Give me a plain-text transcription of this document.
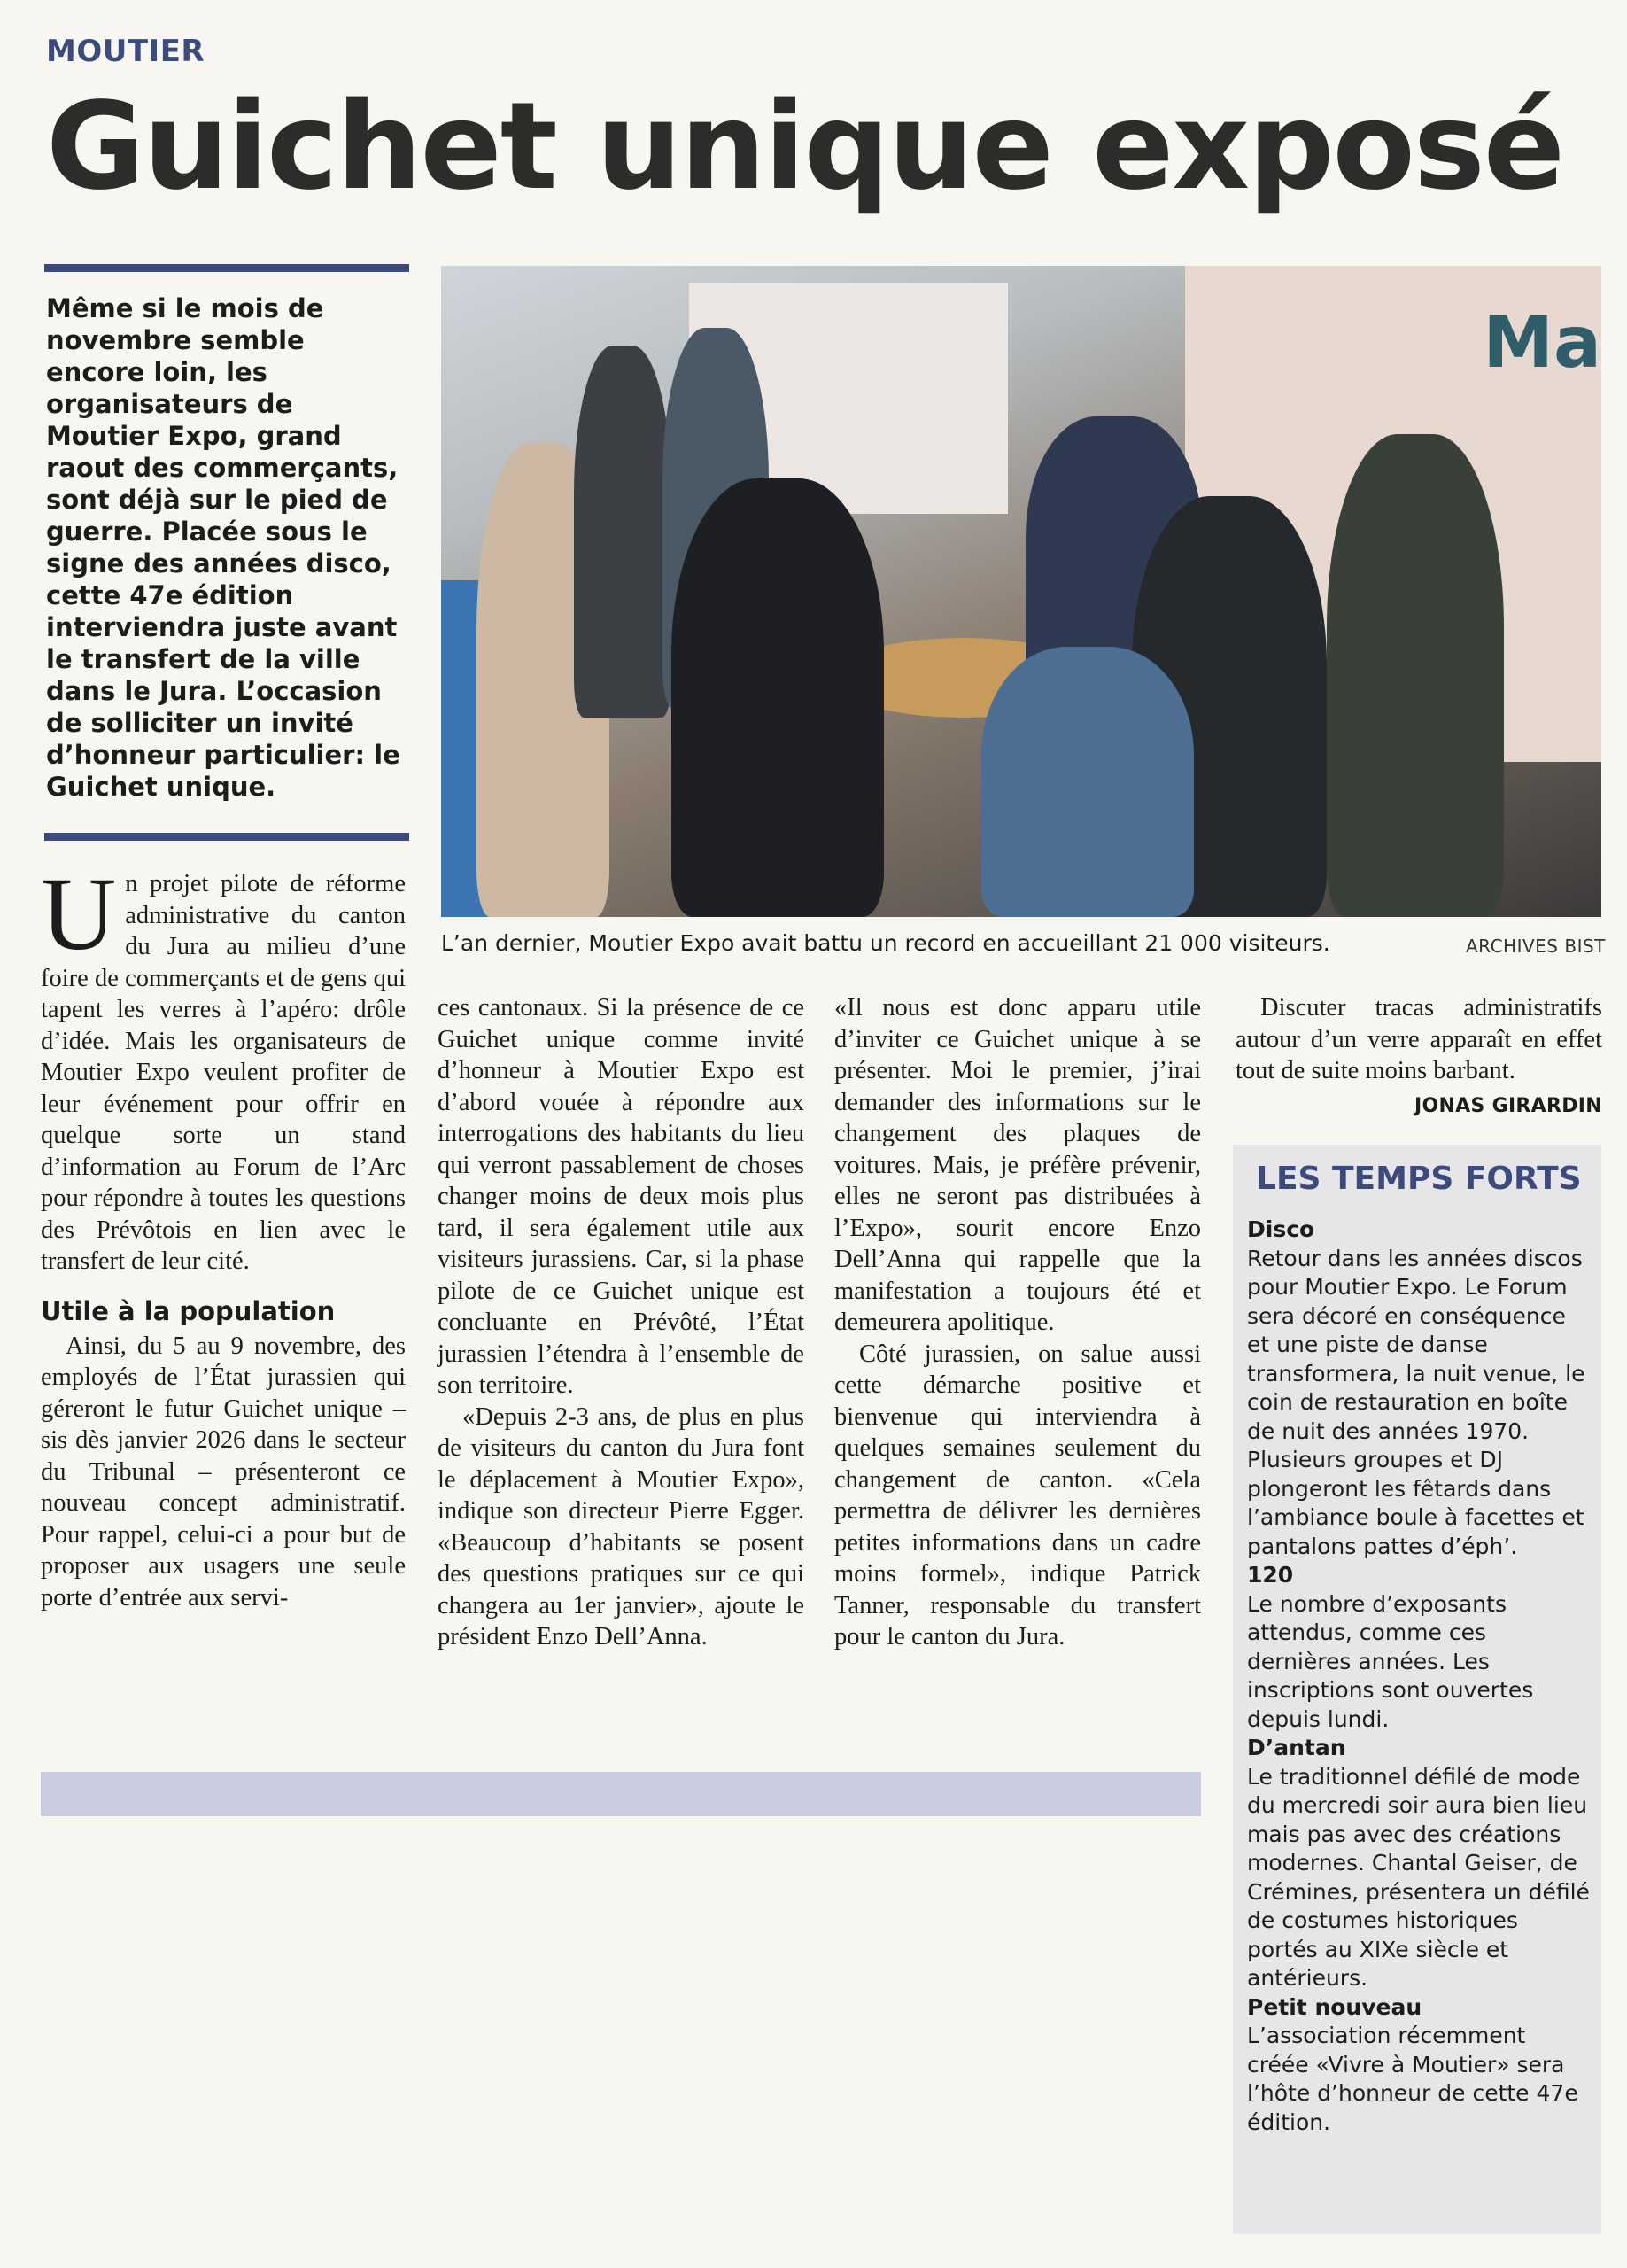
MOUTIER
Guichet unique exposé
Même si le mois de novembre semble encore loin, les organisateurs de Moutier Expo, grand raout des commerçants, sont déjà sur le pied de guerre. Placée sous le signe des années disco, cette 47e édition interviendra juste avant le transfert de la ville dans le Jura. L’occasion de solliciter un invité d’honneur particulier: le Guichet unique.
Ma
L’an dernier, Moutier Expo avait battu un record en accueillant 21 000 visiteurs.	ARCHIVES BIST
U n projet pilote de réforme administrative du canton du Jura au milieu d’une foire de commerçants et de gens qui tapent les verres à l’apéro: drôle d’idée. Mais les organisateurs de Moutier Expo veulent profiter de leur événement pour offrir en quelque sorte un stand d’information au Forum de l’Arc pour répondre à toutes les questions des Prévôtois en lien avec le transfert de leur cité.

Utile à la population

Ainsi, du 5 au 9 novembre, des employés de l’État jurassien qui géreront le futur Guichet unique – sis dès janvier 2026 dans le secteur du Tribunal – présenteront ce nouveau concept administratif. Pour rappel, celui-ci a pour but de proposer aux usagers une seule porte d’entrée aux servi-

ces cantonaux. Si la présence de ce Guichet unique comme invité d’honneur à Moutier Expo est d’abord vouée à répondre aux interrogations des habitants du lieu qui verront passablement de choses changer moins de deux mois plus tard, il sera également utile aux visiteurs jurassiens. Car, si la phase pilote de ce Guichet unique est concluante en Prévôté, l’État jurassien l’étendra à l’ensemble de son territoire.

«Depuis 2-3 ans, de plus en plus de visiteurs du canton du Jura font le déplacement à Moutier Expo», indique son directeur Pierre Egger. «Beaucoup d’habitants se posent des questions pratiques sur ce qui changera au 1er janvier», ajoute le président Enzo Dell’Anna.

«Il nous est donc apparu utile d’inviter ce Guichet unique à se présenter. Moi le premier, j’irai demander des informations sur le changement des plaques de voitures. Mais, je préfère prévenir, elles ne seront pas distribuées à l’Expo», sourit encore Enzo Dell’Anna qui rappelle que la manifestation a toujours été et demeurera apolitique.

Côté jurassien, on salue aussi cette démarche positive et bienvenue qui interviendra à quelques semaines seulement du changement de canton. «Cela permettra de délivrer les dernières petites informations dans un cadre moins formel», indique Patrick Tanner, responsable du transfert pour le canton du Jura.

Discuter tracas administratifs autour d’un verre apparaît en effet tout de suite moins barbant.

JONAS GIRARDIN
LES TEMPS FORTS
Disco
Retour dans les années discos pour Moutier Expo. Le Forum sera décoré en conséquence et une piste de danse transformera, la nuit venue, le coin de restauration en boîte de nuit des années 1970. Plusieurs groupes et DJ plongeront les fêtards dans l’ambiance boule à facettes et pantalons pattes d’éph’.
120
Le nombre d’exposants attendus, comme ces dernières années. Les inscriptions sont ouvertes depuis lundi.
D’antan
Le traditionnel défilé de mode du mercredi soir aura bien lieu mais pas avec des créations modernes. Chantal Geiser, de Crémines, présentera un défilé de costumes historiques portés au XIXe siècle et antérieurs.
Petit nouveau
L’association récemment créée «Vivre à Moutier» sera l’hôte d’honneur de cette 47e édition.
